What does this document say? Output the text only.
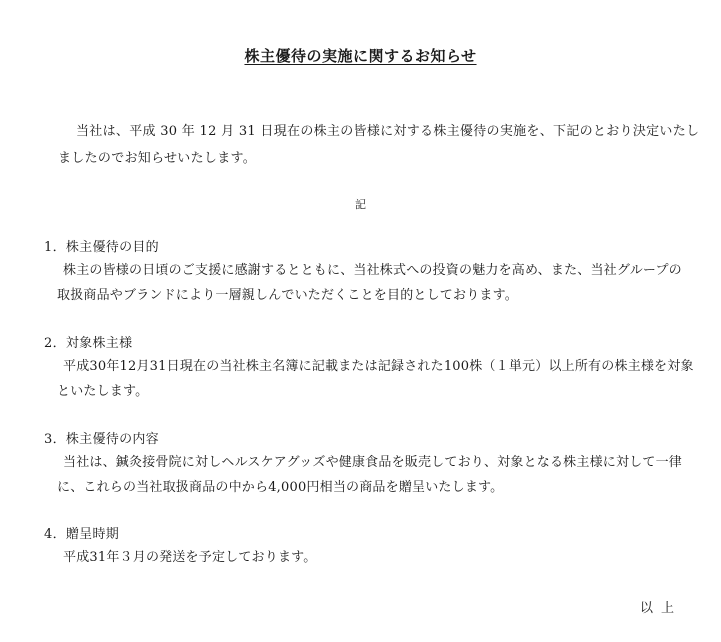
株主優待の実施に関するお知らせ
当社は、平成 30 年 12 月 31 日現在の株主の皆様に対する株主優待の実施を、下記のとおり決定いたし
ましたのでお知らせいたします。
記
1．株主優待の目的
株主の皆様の日頃のご支援に感謝するとともに、当社株式への投資の魅力を高め、また、当社グループの
取扱商品やブランドにより一層親しんでいただくことを目的としております。
2．対象株主様
平成30年12月31日現在の当社株主名簿に記載または記録された100株（１単元）以上所有の株主様を対象
といたします。
3．株主優待の内容
当社は、鍼灸接骨院に対しヘルスケアグッズや健康食品を販売しており、対象となる株主様に対して一律
に、これらの当社取扱商品の中から4,000円相当の商品を贈呈いたします。
4．贈呈時期
平成31年３月の発送を予定しております。
以上
